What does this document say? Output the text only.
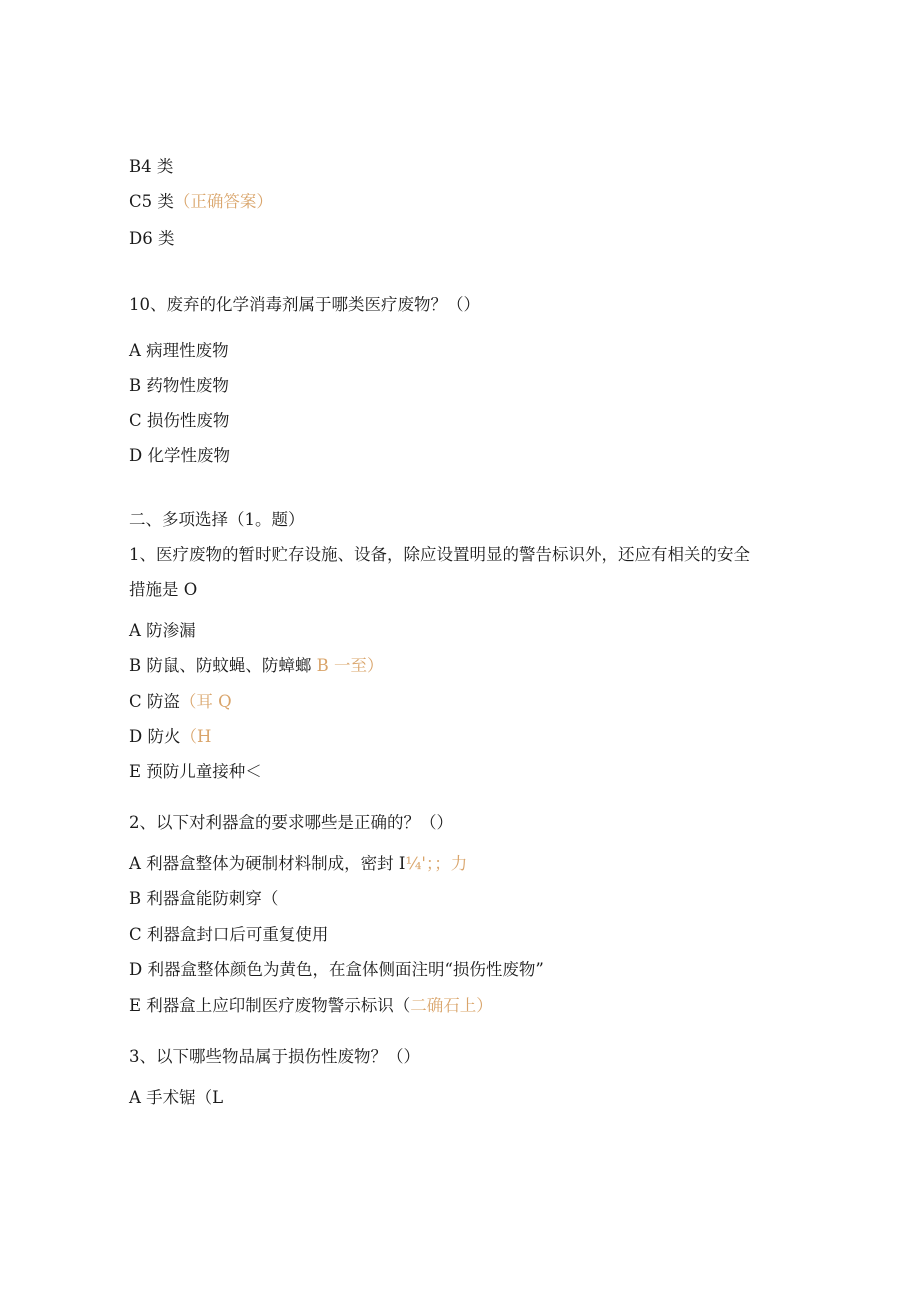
B4 类
C5 类（正确答案）
D6 类
10、废弃的化学消毒剂属于哪类医疗废物？（）
A 病理性废物
B 药物性废物
C 损伤性废物
D 化学性废物
二、多项选择（1。题）
1、医疗废物的暂时贮存设施、设备，除应设置明显的警告标识外，还应有相关的安全
措施是 O
A 防渗漏
B 防鼠、防蚊蝇、防蟑螂 B 一至）
C 防盗（耳 Q
D 防火（H
E 预防儿童接种＜
2、以下对利器盒的要求哪些是正确的？（）
A 利器盒整体为硬制材料制成，密封 I¼'；；力
B 利器盒能防刺穿（
C 利器盒封口后可重复使用
D 利器盒整体颜色为黄色，在盒体侧面注明“损伤性废物”
E 利器盒上应印制医疗废物警示标识（二确石上）
3、以下哪些物品属于损伤性废物？（）
A 手术锯（L
